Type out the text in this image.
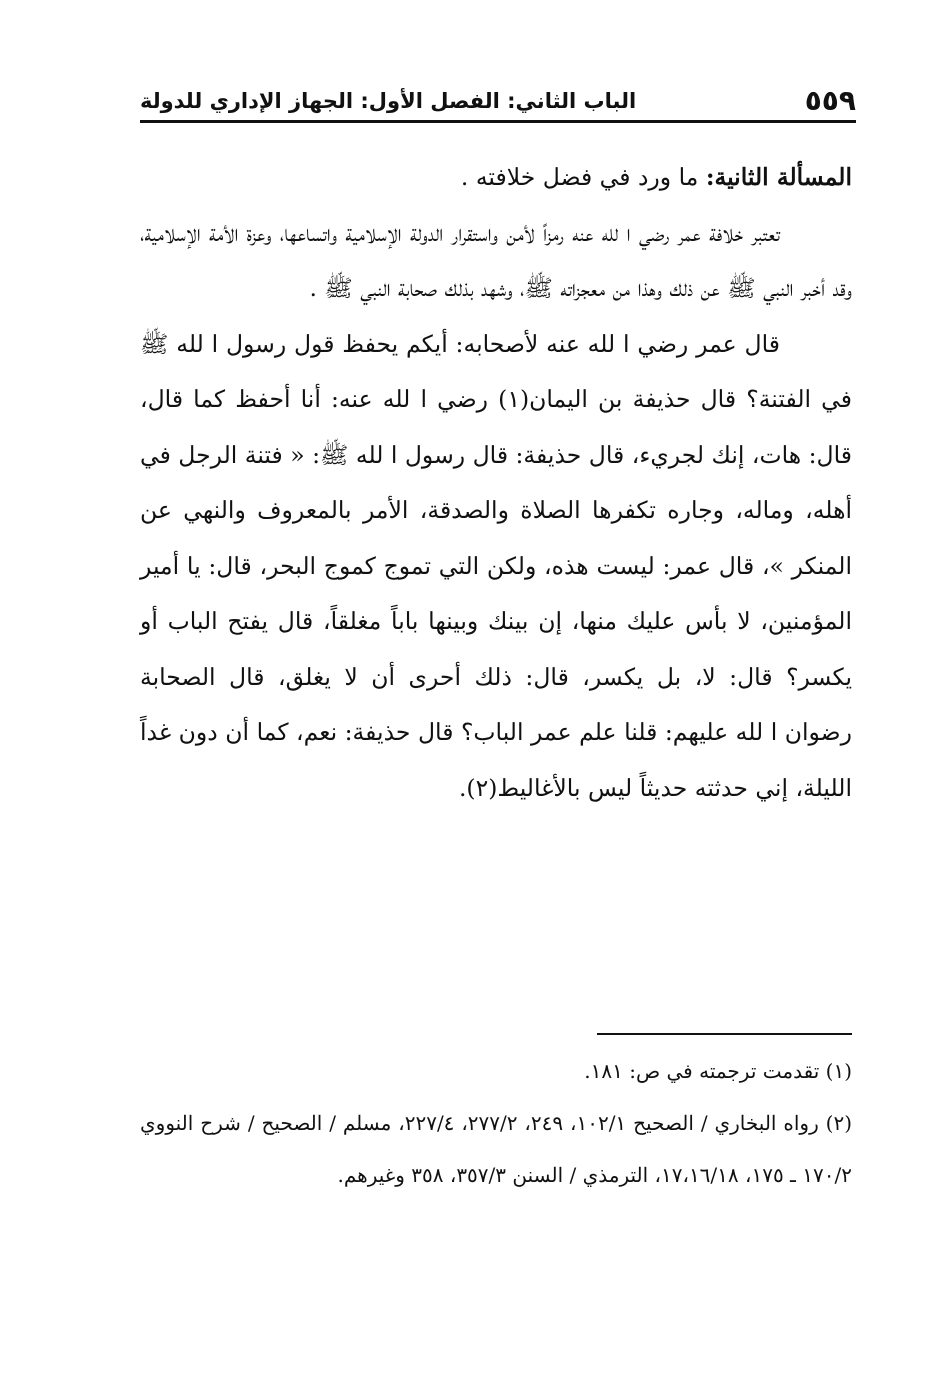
٥٥٩
الباب الثاني: الفصل الأول: الجهاز الإداري للدولة

المسألة الثانية: ما ورد في فضل خلافته .

تعتبر خلافة عمر رضي ا لله عنه رمزاً لأمن واستقرار الدولة الإسلامية واتساعها، وعزة الأمة الإسلامية، وقد أخبر النبي ﷺ عن ذلك وهذا من معجزاته ﷺ، وشهد بذلك صحابة النبي ﷺ .

قال عمر رضي ا لله عنه لأصحابه: أيكم يحفظ قول رسول ا لله ﷺ في الفتنة؟ قال حذيفة بن اليمان(١) رضي ا لله عنه: أنا أحفظ كما قال، قال: هات، إنك لجريء، قال حذيفة: قال رسول ا لله ﷺ: « فتنة الرجل في أهله، وماله، وجاره تكفرها الصلاة والصدقة، الأمر بالمعروف والنهي عن المنكر »، قال عمر: ليست هذه، ولكن التي تموج كموج البحر، قال: يا أمير المؤمنين، لا بأس عليك منها، إن بينك وبينها باباً مغلقاً، قال يفتح الباب أو يكسر؟ قال: لا، بل يكسر، قال: ذلك أحرى أن لا يغلق، قال الصحابة رضوان ا لله عليهم: قلنا علم عمر الباب؟ قال حذيفة: نعم، كما أن دون غداً الليلة، إني حدثته حديثاً ليس بالأغاليط(٢).

(١) تقدمت ترجمته في ص: ١٨١.

(٢) رواه البخاري / الصحيح ١٠٢/١، ٢٤٩، ٢٧٧/٢، ٢٢٧/٤، مسلم / الصحيح / شرح النووي ١٧٠/٢ ـ ١٧٥، ١٧،١٦/١٨، الترمذي / السنن ٣٥٧/٣، ٣٥٨ وغيرهم.
